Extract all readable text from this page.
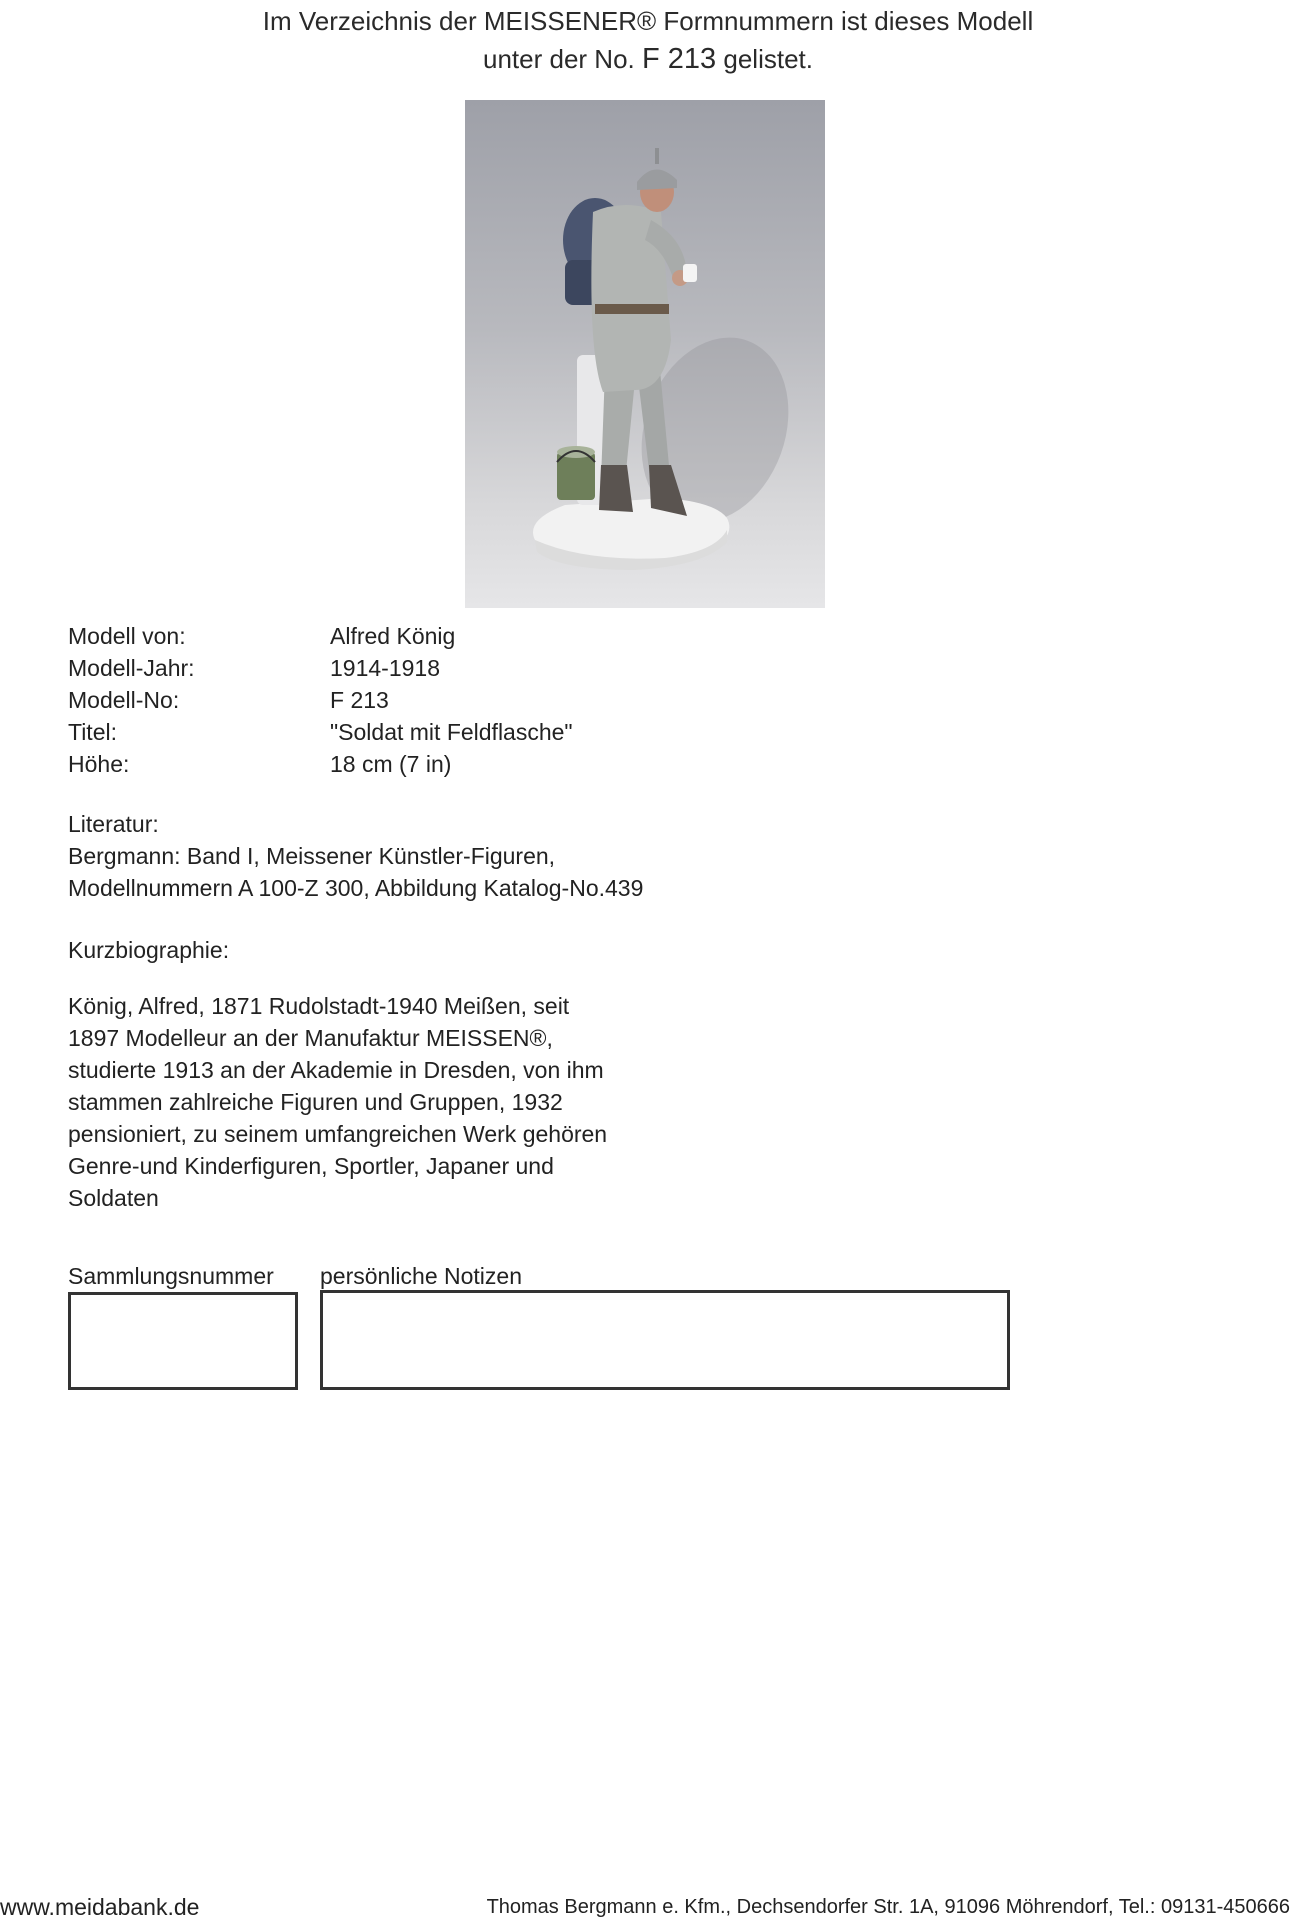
Im Verzeichnis der MEISSENER® Formnummern ist dieses Modell
unter der No. F 213 gelistet.
Modell von:	Alfred König
Modell-Jahr:	1914-1918
Modell-No:	F 213
Titel:	"Soldat mit Feldflasche"
Höhe:	18 cm (7 in)
Literatur:
Bergmann: Band I, Meissener Künstler-Figuren,
Modellnummern A 100-Z 300, Abbildung Katalog-No.439
Kurzbiographie:
König, Alfred, 1871 Rudolstadt-1940 Meißen, seit
1897 Modelleur an der Manufaktur MEISSEN®,
studierte 1913 an der Akademie in Dresden, von ihm
stammen zahlreiche Figuren und Gruppen, 1932
pensioniert, zu seinem umfangreichen Werk gehören
Genre-und Kinderfiguren, Sportler, Japaner und
Soldaten
Sammlungsnummer persönliche Notizen
www.meidabank.de	Thomas Bergmann e. Kfm., Dechsendorfer Str. 1A, 91096 Möhrendorf, Tel.: 09131-450666
